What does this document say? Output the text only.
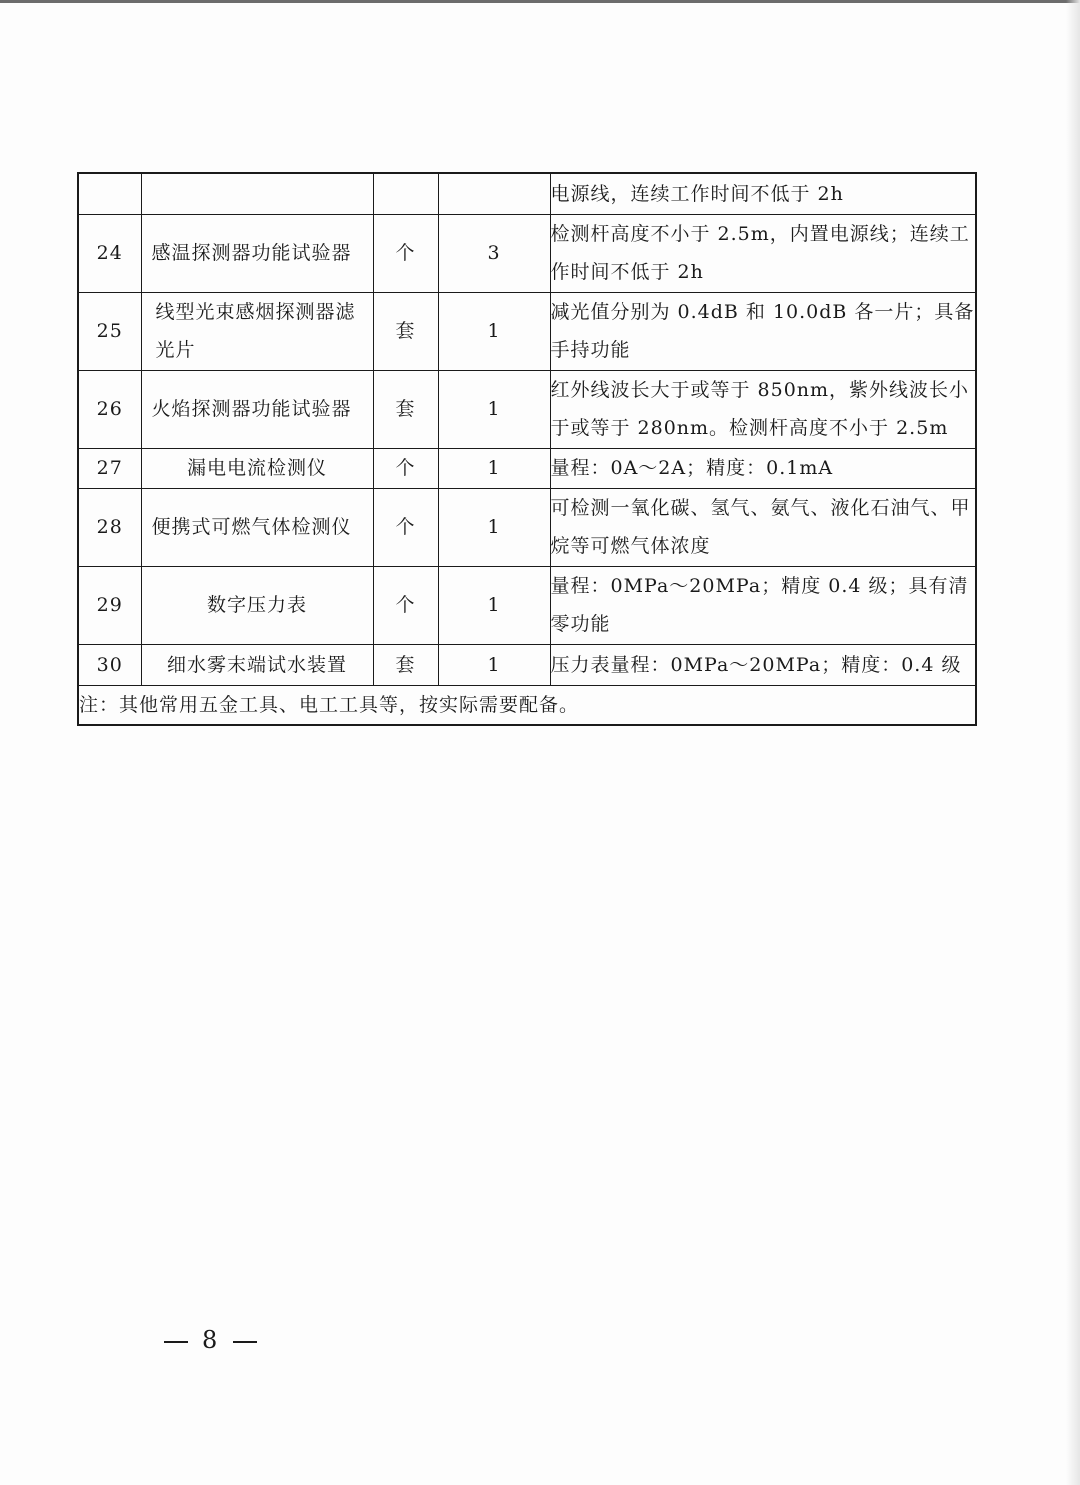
				电源线，连续工作时间不低于 2h
24	感温探测器功能试验器	个	3	检测杆高度不小于 2.5m，内置电源线；连续工作时间不低于 2h
25	线型光束感烟探测器滤光片	套	1	减光值分别为 0.4dB 和 10.0dB 各一片；具备手持功能
26	火焰探测器功能试验器	套	1	红外线波长大于或等于 850nm，紫外线波长小于或等于 280nm。检测杆高度不小于 2.5m
27	漏电电流检测仪	个	1	量程：0A～2A；精度：0.1mA
28	便携式可燃气体检测仪	个	1	可检测一氧化碳、氢气、氨气、液化石油气、甲烷等可燃气体浓度
29	数字压力表	个	1	量程：0MPa～20MPa；精度 0.4 级；具有清零功能
30	细水雾末端试水装置	套	1	压力表量程：0MPa～20MPa；精度：0.4 级
注：其他常用五金工具、电工工具等，按实际需要配备。				
8
